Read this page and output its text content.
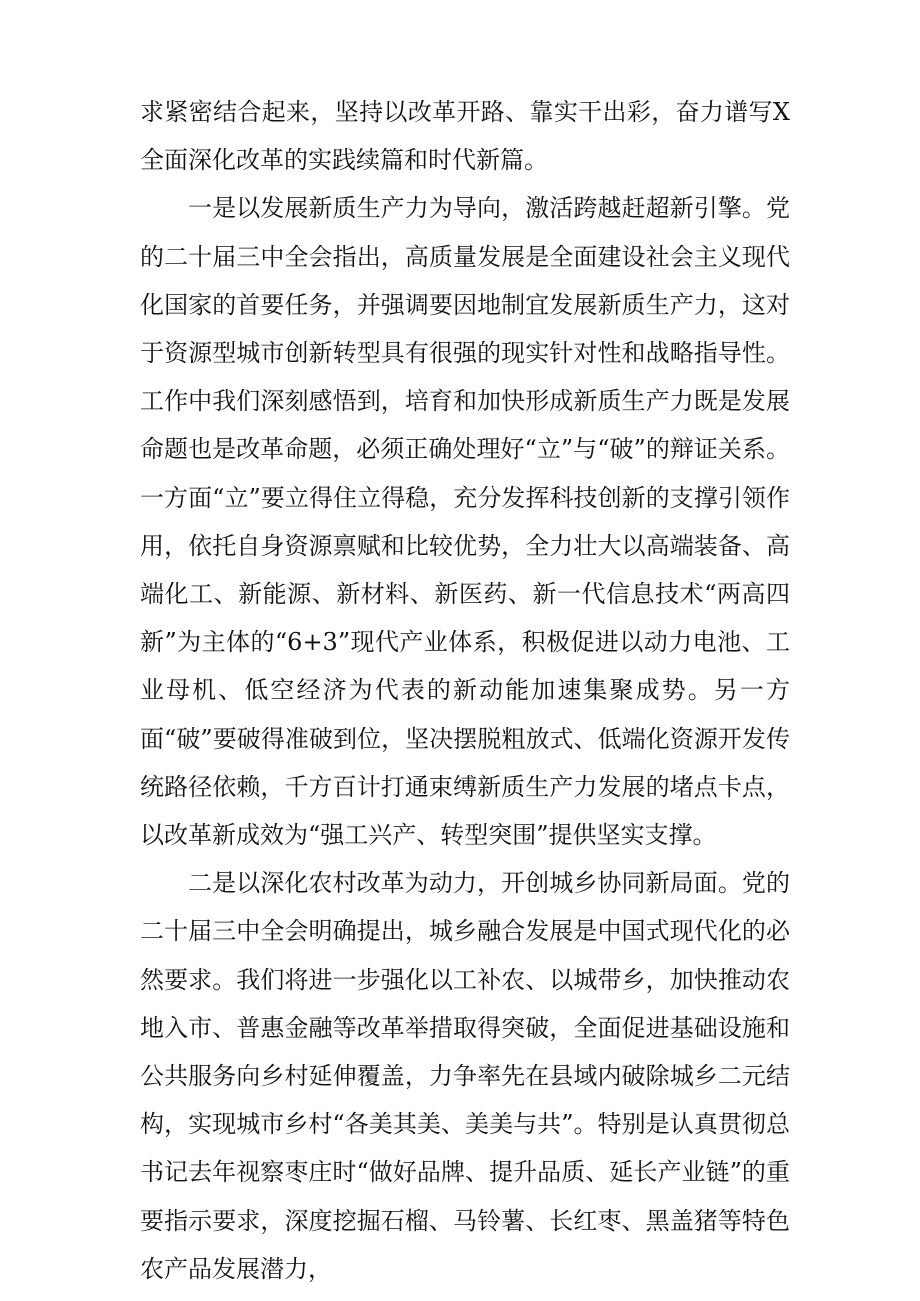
求紧密结合起来，坚持以改革开路、靠实干出彩，奋力谱写X全面深化改革的实践续篇和时代新篇。

一是以发展新质生产力为导向，激活跨越赶超新引擎。党的二十届三中全会指出，高质量发展是全面建设社会主义现代化国家的首要任务，并强调要因地制宜发展新质生产力，这对于资源型城市创新转型具有很强的现实针对性和战略指导性。工作中我们深刻感悟到，培育和加快形成新质生产力既是发展命题也是改革命题，必须正确处理好“立”与“破”的辩证关系。一方面“立”要立得住立得稳，充分发挥科技创新的支撑引领作用，依托自身资源禀赋和比较优势，全力壮大以高端装备、高端化工、新能源、新材料、新医药、新一代信息技术“两高四新”为主体的“6+3”现代产业体系，积极促进以动力电池、工业母机、低空经济为代表的新动能加速集聚成势。另一方面“破”要破得准破到位，坚决摆脱粗放式、低端化资源开发传统路径依赖，千方百计打通束缚新质生产力发展的堵点卡点，以改革新成效为“强工兴产、转型突围”提供坚实支撑。

二是以深化农村改革为动力，开创城乡协同新局面。党的二十届三中全会明确提出，城乡融合发展是中国式现代化的必然要求。我们将进一步强化以工补农、以城带乡，加快推动农地入市、普惠金融等改革举措取得突破，全面促进基础设施和公共服务向乡村延伸覆盖，力争率先在县域内破除城乡二元结构，实现城市乡村“各美其美、美美与共”。特别是认真贯彻总书记去年视察枣庄时“做好品牌、提升品质、延长产业链”的重要指示要求，深度挖掘石榴、马铃薯、长红枣、黑盖猪等特色农产品发展潜力，
